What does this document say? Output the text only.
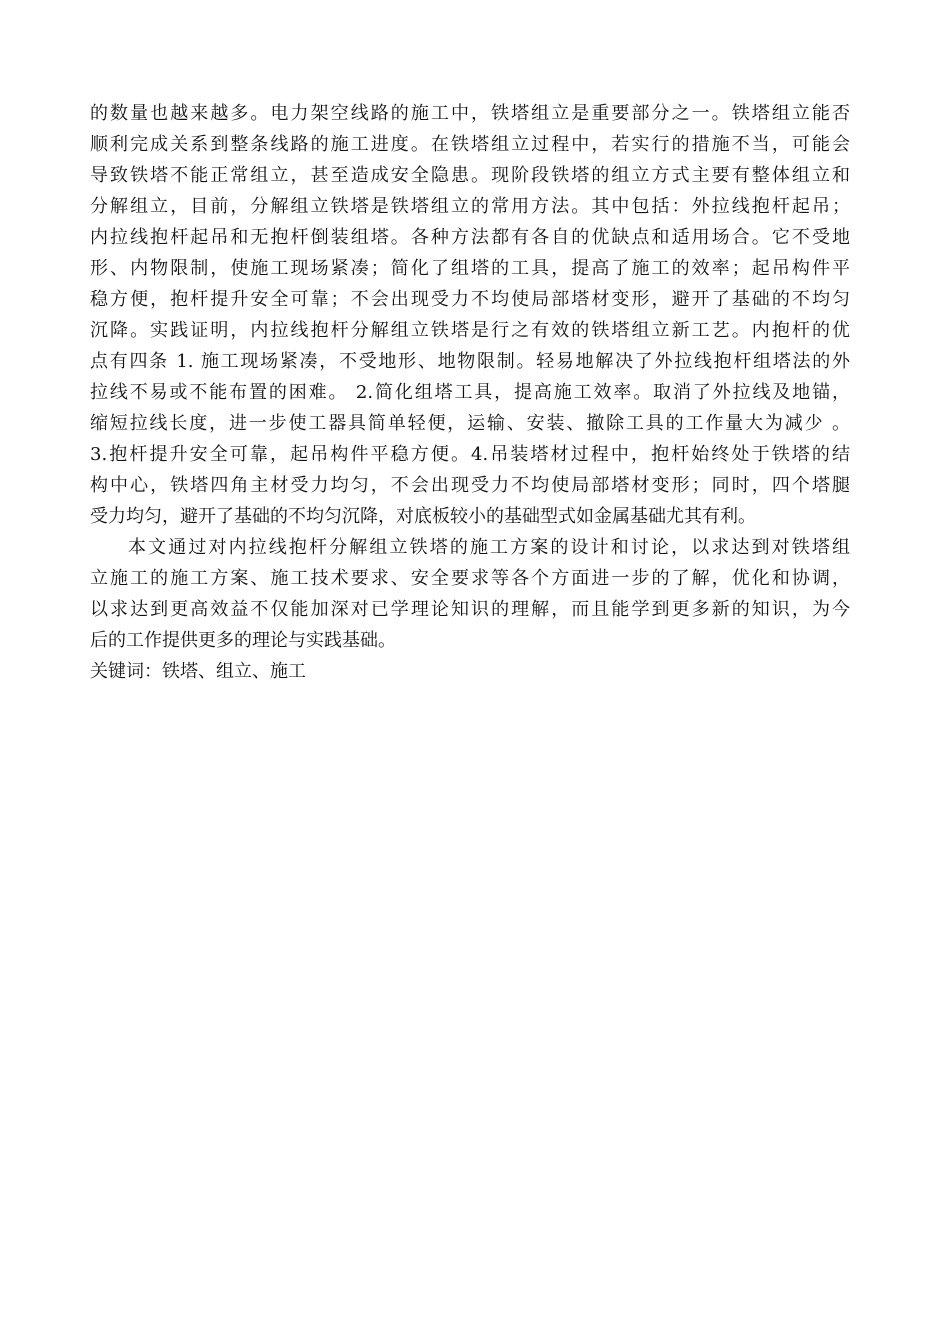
的数量也越来越多。电力架空线路的施工中，铁塔组立是重要部分之一。铁塔组立能否
顺利完成关系到整条线路的施工进度。在铁塔组立过程中，若实行的措施不当，可能会
导致铁塔不能正常组立，甚至造成安全隐患。现阶段铁塔的组立方式主要有整体组立和
分解组立，目前，分解组立铁塔是铁塔组立的常用方法。其中包括：外拉线抱杆起吊；
内拉线抱杆起吊和无抱杆倒装组塔。各种方法都有各自的优缺点和适用场合。它不受地
形、内物限制，使施工现场紧凑；简化了组塔的工具，提高了施工的效率；起吊构件平
稳方便，抱杆提升安全可靠；不会出现受力不均使局部塔材变形，避开了基础的不均匀
沉降。实践证明，内拉线抱杆分解组立铁塔是行之有效的铁塔组立新工艺。内抱杆的优
点有四条 1. 施工现场紧凑，不受地形、地物限制。轻易地解决了外拉线抱杆组塔法的外
拉线不易或不能布置的困难。 2.简化组塔工具，提高施工效率。取消了外拉线及地锚，
缩短拉线长度，进一步使工器具简单轻便，运输、安装、撤除工具的工作量大为减少 。
3.抱杆提升安全可靠，起吊构件平稳方便。4.吊装塔材过程中，抱杆始终处于铁塔的结
构中心，铁塔四角主材受力均匀，不会出现受力不均使局部塔材变形；同时，四个塔腿
受力均匀，避开了基础的不均匀沉降，对底板较小的基础型式如金属基础尤其有利。
本文通过对内拉线抱杆分解组立铁塔的施工方案的设计和讨论，以求达到对铁塔组
立施工的施工方案、施工技术要求、安全要求等各个方面进一步的了解，优化和协调，
以求达到更高效益不仅能加深对已学理论知识的理解，而且能学到更多新的知识，为今
后的工作提供更多的理论与实践基础。
关键词：铁塔、组立、施工
